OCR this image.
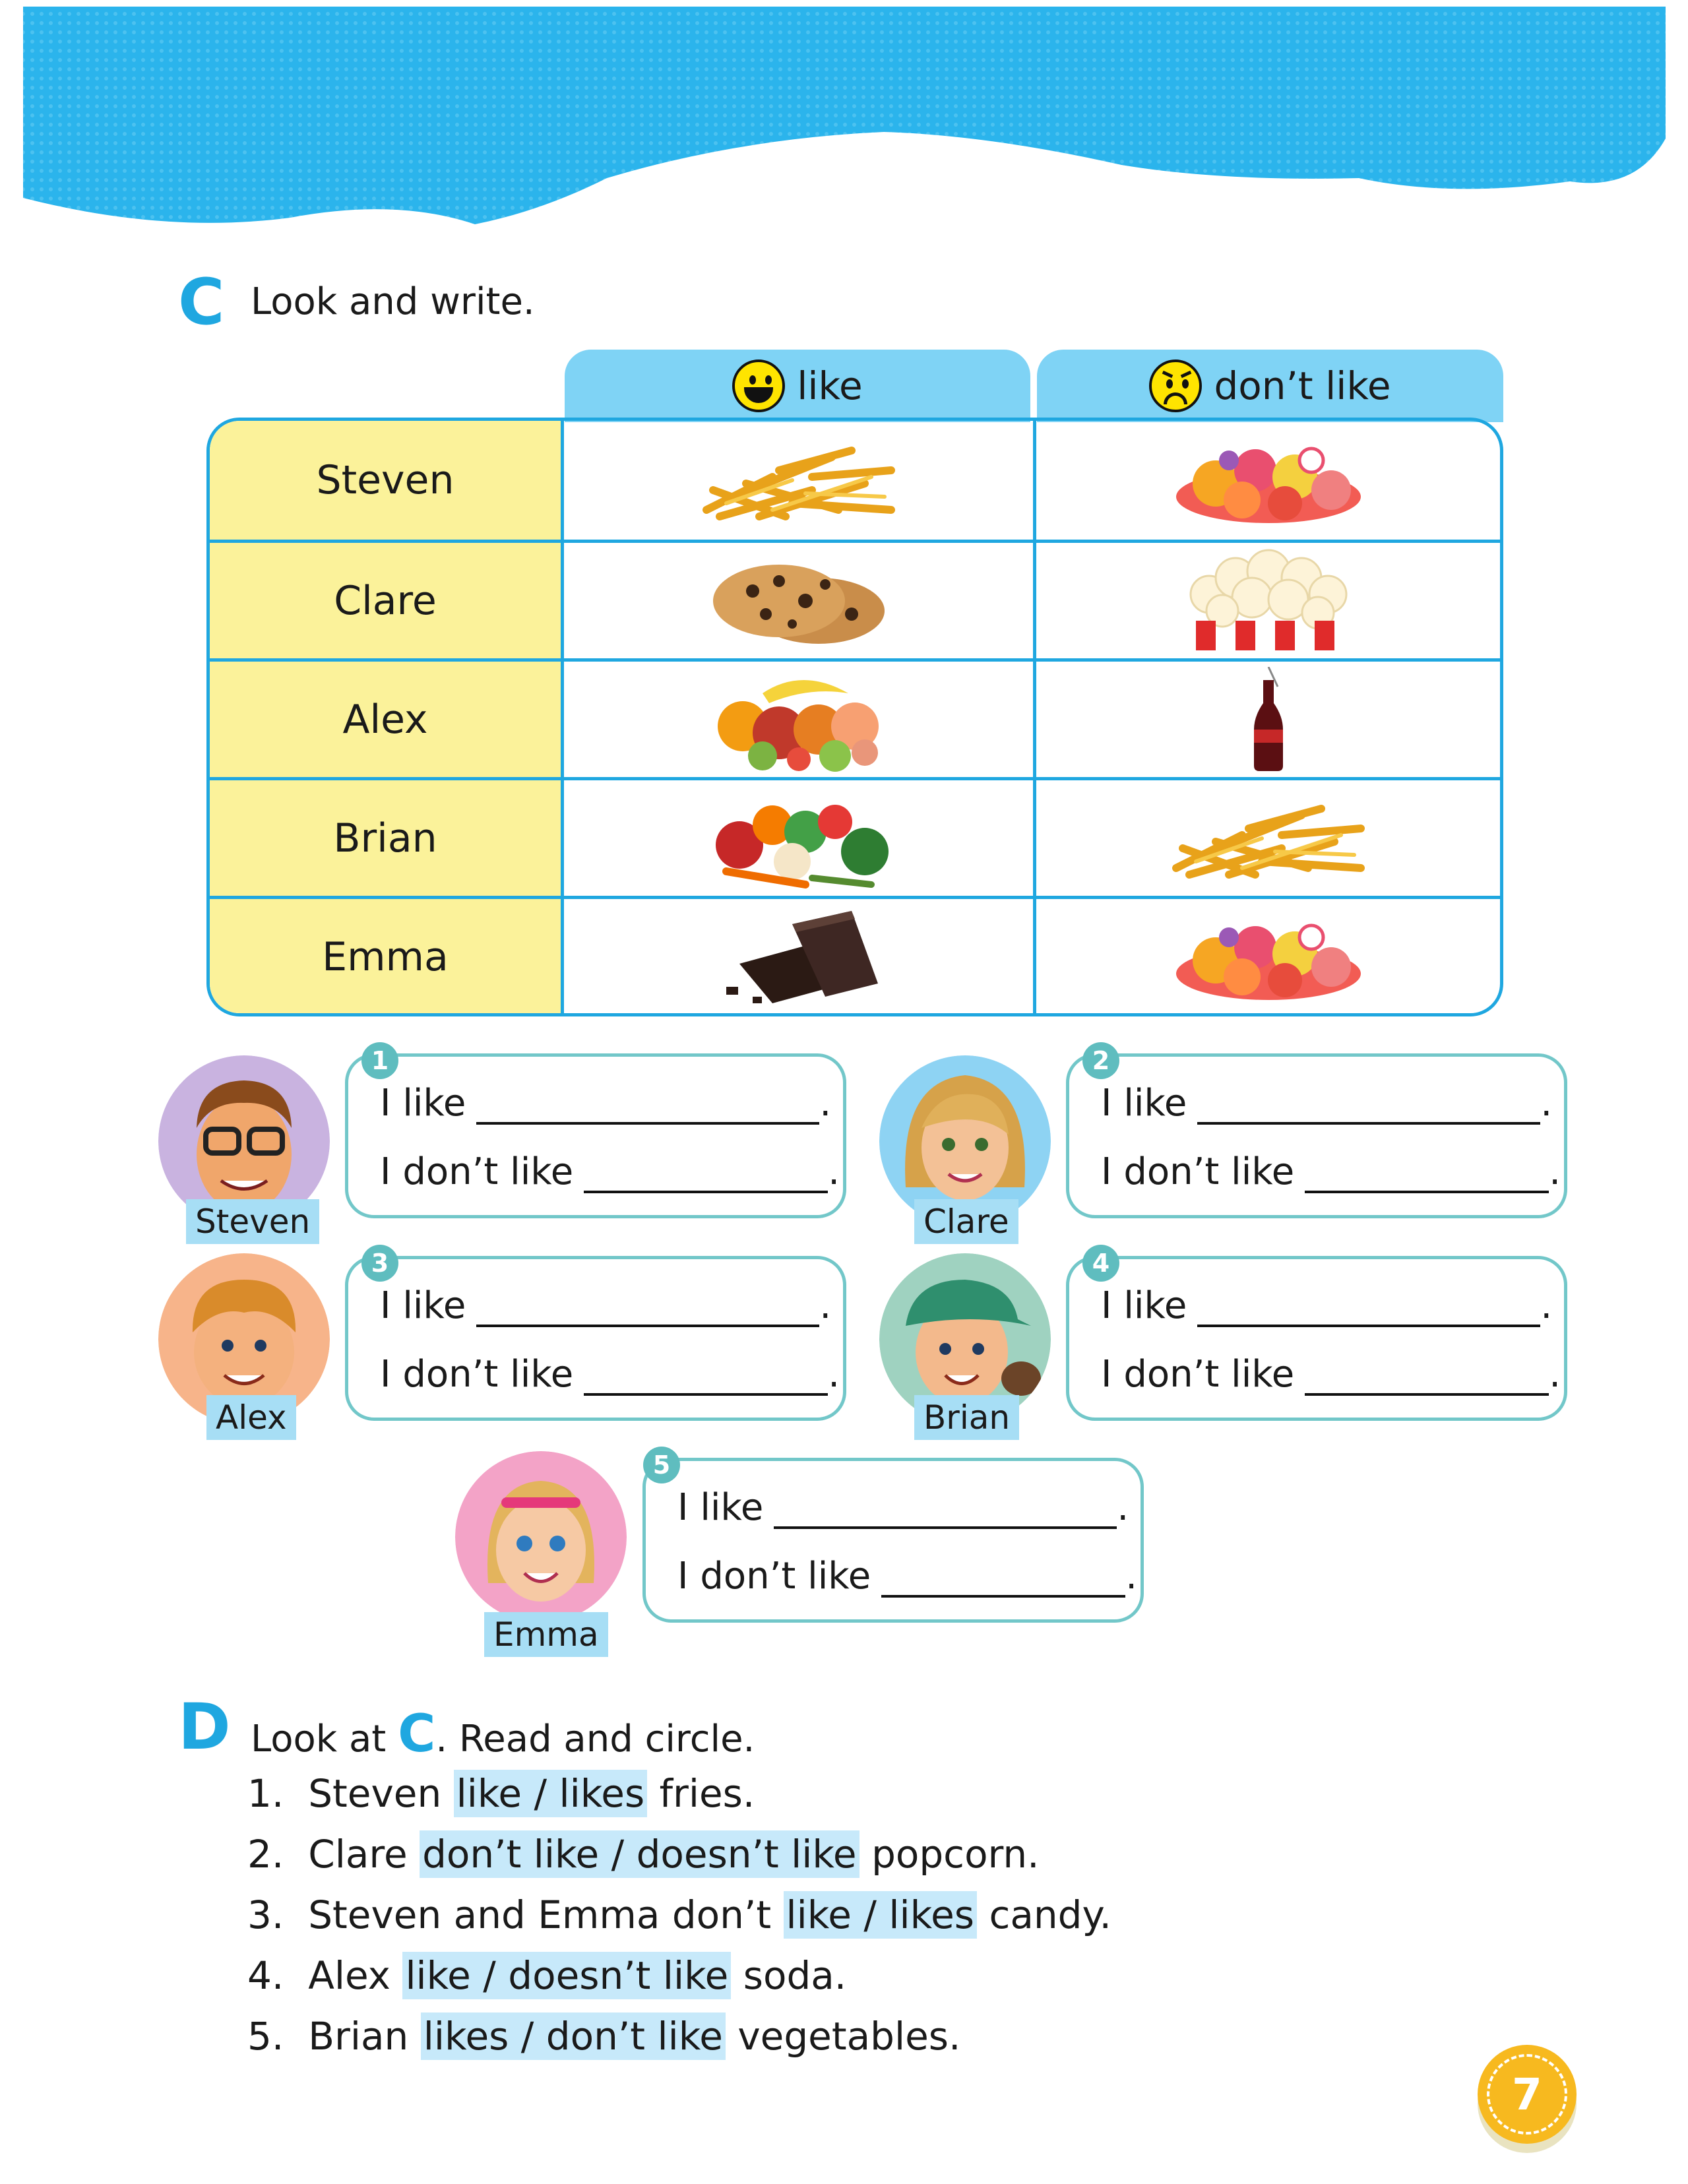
C Look and write.
like	don’t like
Steven
Clare
Alex
Brian
Emma
Steven
1
I like	.
I don’t like	.
Clare
2
I like	.
I don’t like	.
Alex
3
I like	.
I don’t like	.
Brian
4
I like	.
I don’t like	.
Emma
5
I like	.
I don’t like	.
D Look at C. Read and circle.
1. Steven like / likes fries.
2. Clare don’t like / doesn’t like popcorn.
3. Steven and Emma don’t like / likes candy.
4. Alex like / doesn’t like soda.
5. Brian likes / don’t like vegetables.
7
